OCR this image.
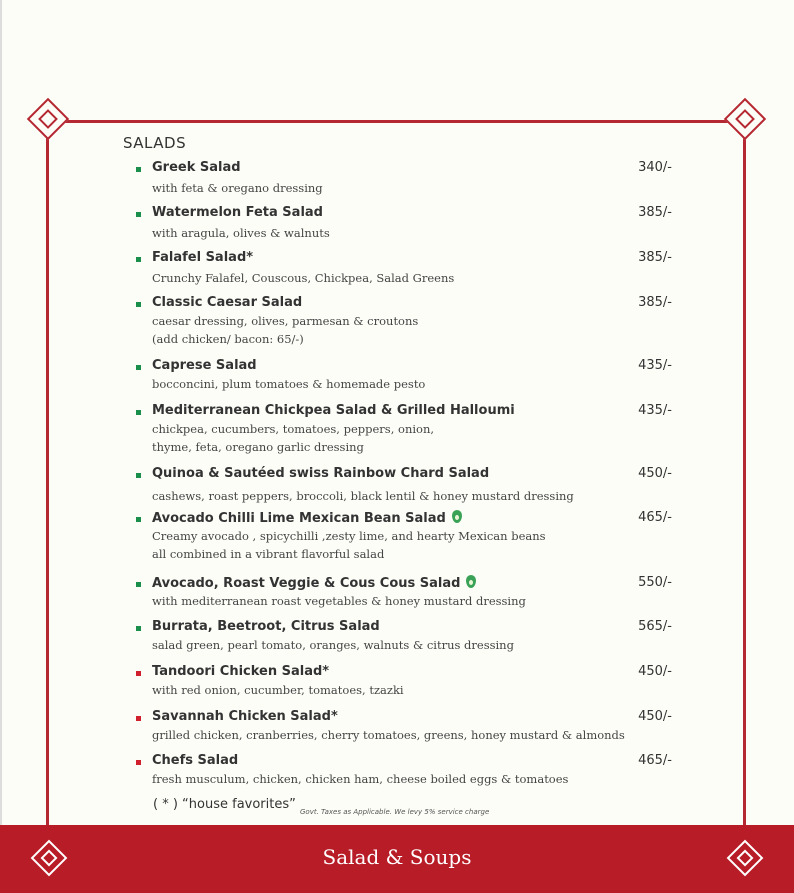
SALADS
Greek Salad	340/-
with feta & oregano dressing
Watermelon Feta Salad	385/-
with aragula, olives & walnuts
Falafel Salad*	385/-
Crunchy Falafel, Couscous, Chickpea, Salad Greens
Classic Caesar Salad	385/-
caesar dressing, olives, parmesan & croutons
(add chicken/ bacon: 65/-)
Caprese Salad	435/-
bocconcini, plum tomatoes & homemade pesto
Mediterranean Chickpea Salad & Grilled Halloumi	435/-
chickpea, cucumbers, tomatoes, peppers, onion,
thyme, feta, oregano garlic dressing
Quinoa & Sautéed swiss Rainbow Chard Salad	450/-
cashews, roast peppers, broccoli, black lentil & honey mustard dressing
Avocado Chilli Lime Mexican Bean Salad	465/-
Creamy avocado , spicychilli ,zesty lime, and hearty Mexican beans
all combined in a vibrant flavorful salad
Avocado, Roast Veggie & Cous Cous Salad	550/-
with mediterranean roast vegetables & honey mustard dressing
Burrata, Beetroot, Citrus Salad	565/-
salad green, pearl tomato, oranges, walnuts & citrus dressing
Tandoori Chicken Salad*	450/-
with red onion, cucumber, tomatoes, tzazki
Savannah Chicken Salad*	450/-
grilled chicken, cranberries, cherry tomatoes, greens, honey mustard & almonds
Chefs Salad	465/-
fresh musculum, chicken, chicken ham, cheese boiled eggs & tomatoes
( * ) “house favorites” Govt. Taxes as Applicable. We levy 5% service charge
Salad & Soups
